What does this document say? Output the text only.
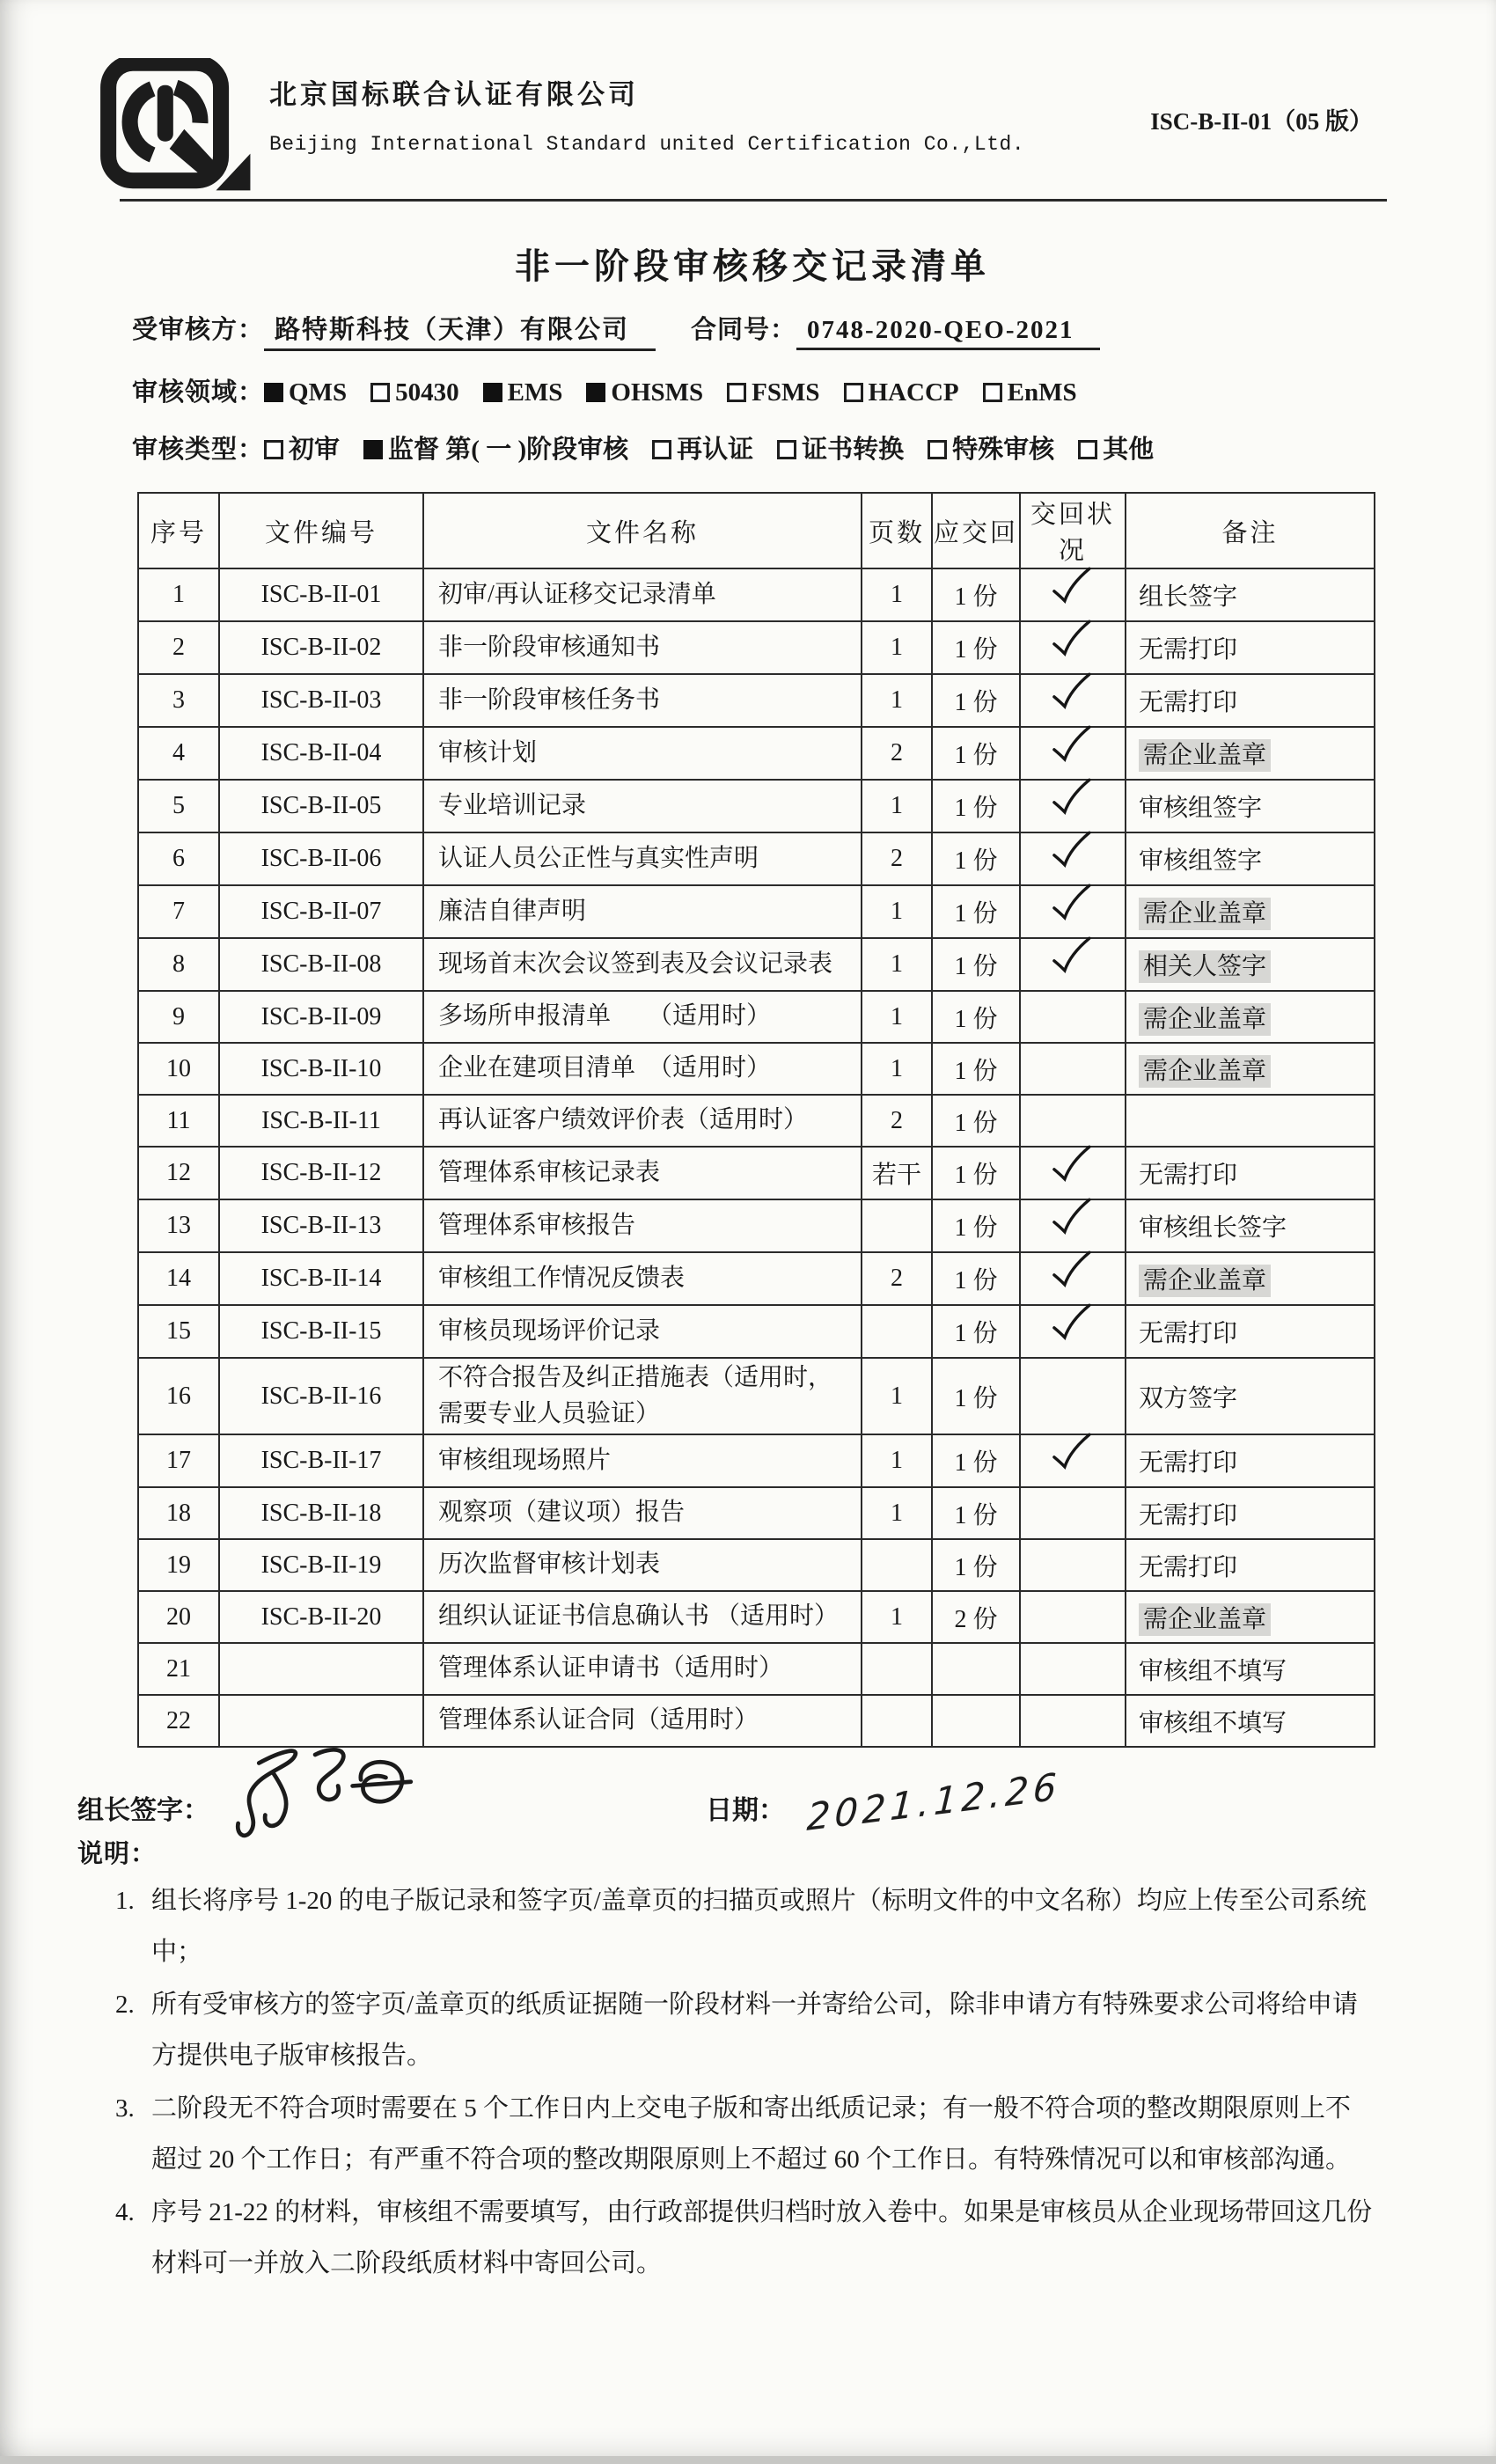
北京国标联合认证有限公司
Beijing International Standard united Certification Co.,Ltd.
ISC-B-II-01（05 版）
非一阶段审核移交记录清单
受审核方： 路特斯科技（天津）有限公司	合同号： 0748-2020-QEO-2021
审核领域： QMS	50430	EMS	OHSMS	FSMS	HACCP	EnMS
审核类型： 初审	监督 第( 一 )阶段审核	再认证	证书转换	特殊审核	其他
序号	文件编号	文件名称	页数	应交回	交回状况	备注
1	ISC-B-II-01	初审/再认证移交记录清单	1	1 份		组长签字
2	ISC-B-II-02	非一阶段审核通知书	1	1 份		无需打印
3	ISC-B-II-03	非一阶段审核任务书	1	1 份		无需打印
4	ISC-B-II-04	审核计划	2	1 份		需企业盖章
5	ISC-B-II-05	专业培训记录	1	1 份		审核组签字
6	ISC-B-II-06	认证人员公正性与真实性声明	2	1 份		审核组签字
7	ISC-B-II-07	廉洁自律声明	1	1 份		需企业盖章
8	ISC-B-II-08	现场首末次会议签到表及会议记录表	1	1 份		相关人签字
9	ISC-B-II-09	多场所申报清单　　（适用时）	1	1 份		需企业盖章
10	ISC-B-II-10	企业在建项目清单　（适用时）	1	1 份		需企业盖章
11	ISC-B-II-11	再认证客户绩效评价表（适用时）	2	1 份		
12	ISC-B-II-12	管理体系审核记录表	若干	1 份		无需打印
13	ISC-B-II-13	管理体系审核报告		1 份		审核组长签字
14	ISC-B-II-14	审核组工作情况反馈表	2	1 份		需企业盖章
15	ISC-B-II-15	审核员现场评价记录		1 份		无需打印
16	ISC-B-II-16	不符合报告及纠正措施表（适用时，需要专业人员验证）	1	1 份		双方签字
17	ISC-B-II-17	审核组现场照片	1	1 份		无需打印
18	ISC-B-II-18	观察项（建议项）报告	1	1 份		无需打印
19	ISC-B-II-19	历次监督审核计划表		1 份		无需打印
20	ISC-B-II-20	组织认证证书信息确认书 （适用时）	1	2 份		需企业盖章
21		管理体系认证申请书（适用时）				审核组不填写
22		管理体系认证合同（适用时）				审核组不填写
组长签字：	日期： 2021.12.26
说明：
1. 组长将序号 1-20 的电子版记录和签字页/盖章页的扫描页或照片（标明文件的中文名称）均应上传至公司系统中；
2. 所有受审核方的签字页/盖章页的纸质证据随一阶段材料一并寄给公司，除非申请方有特殊要求公司将给申请方提供电子版审核报告。
3. 二阶段无不符合项时需要在 5 个工作日内上交电子版和寄出纸质记录；有一般不符合项的整改期限原则上不超过 20 个工作日；有严重不符合项的整改期限原则上不超过 60 个工作日。有特殊情况可以和审核部沟通。
4. 序号 21-22 的材料，审核组不需要填写，由行政部提供归档时放入卷中。如果是审核员从企业现场带回这几份材料可一并放入二阶段纸质材料中寄回公司。
